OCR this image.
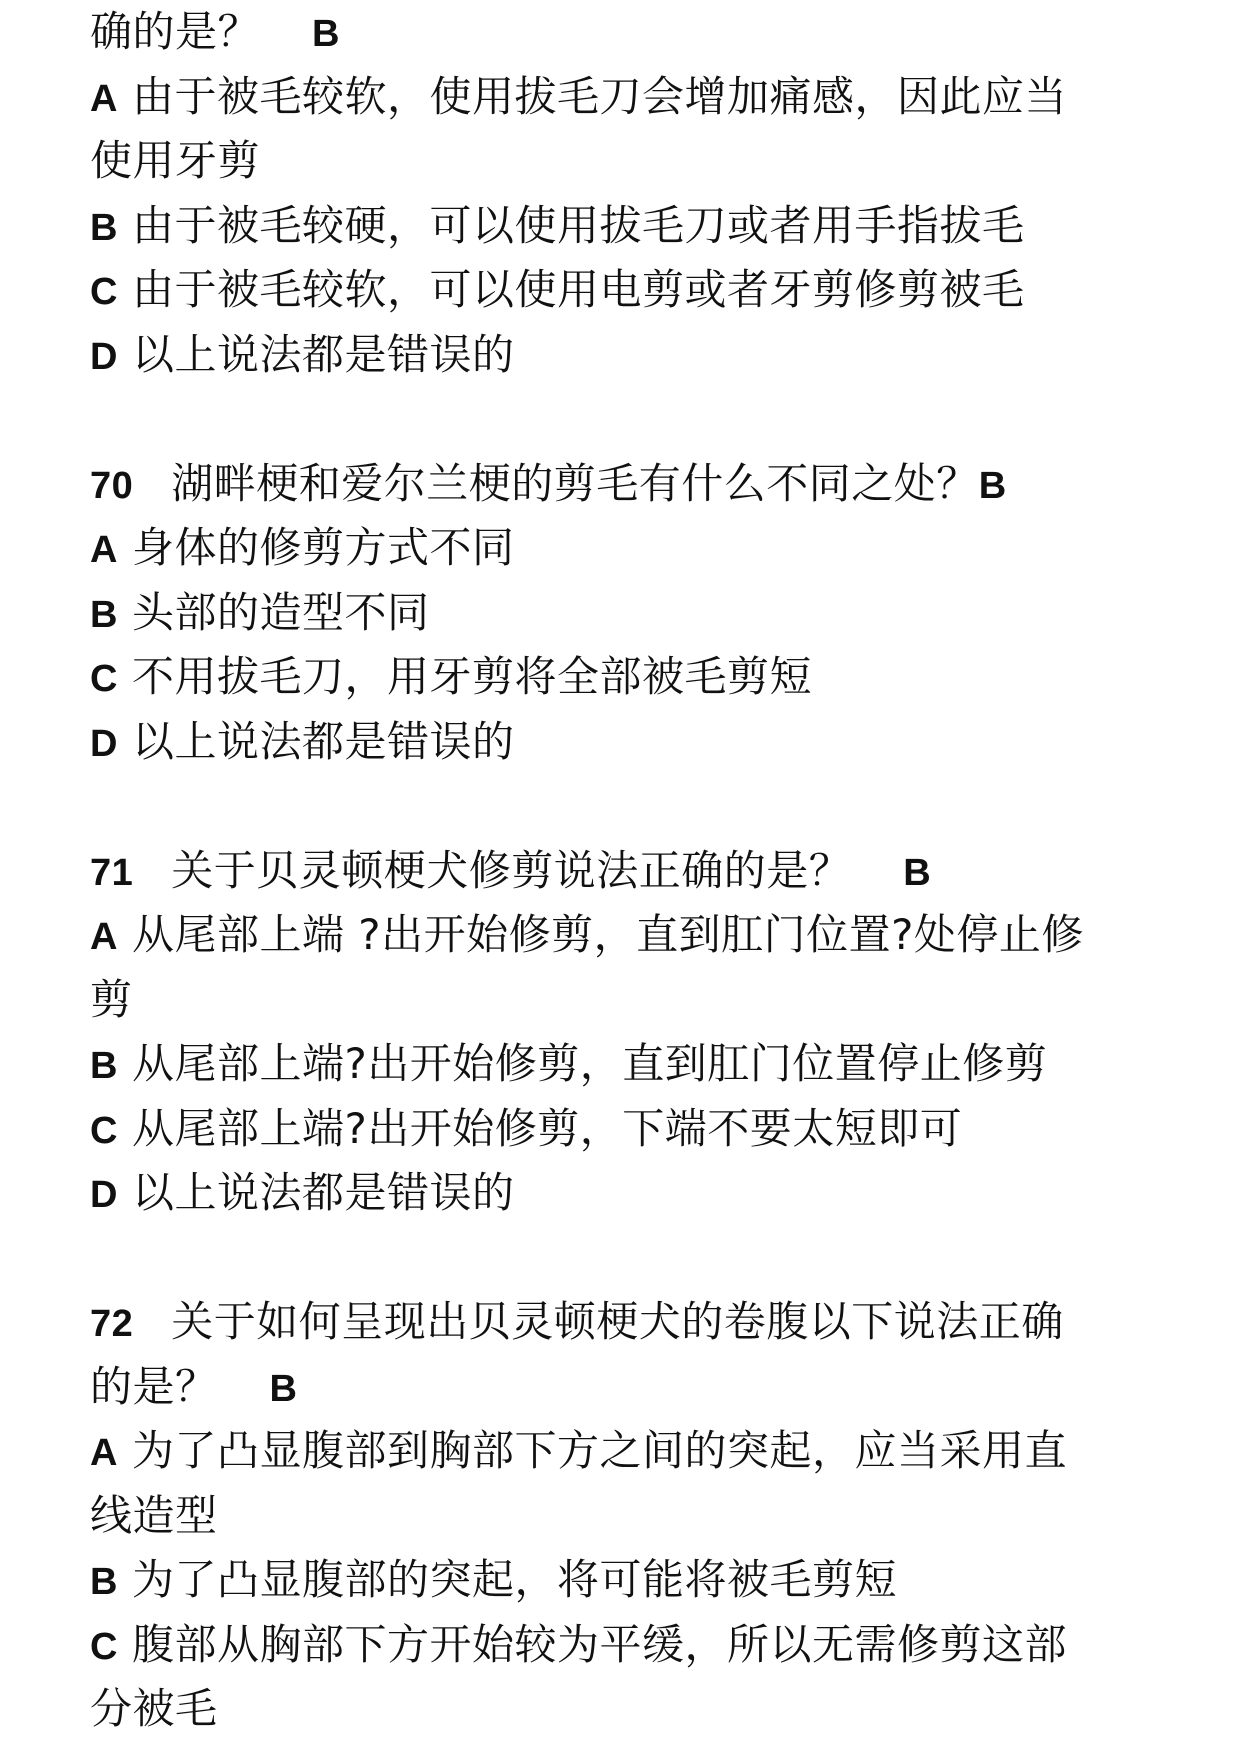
确的是？ B
A 由于被毛较软，使用拔毛刀会增加痛感，因此应当
使用牙剪
B 由于被毛较硬，可以使用拔毛刀或者用手指拔毛
C 由于被毛较软，可以使用电剪或者牙剪修剪被毛
D 以上说法都是错误的
70 湖畔梗和爱尔兰梗的剪毛有什么不同之处？B
A 身体的修剪方式不同
B 头部的造型不同
C 不用拔毛刀，用牙剪将全部被毛剪短
D 以上说法都是错误的
71 关于贝灵顿梗犬修剪说法正确的是？ B
A 从尾部上端 ?出开始修剪，直到肛门位置?处停止修
剪
B 从尾部上端?出开始修剪，直到肛门位置停止修剪
C 从尾部上端?出开始修剪，下端不要太短即可
D 以上说法都是错误的
72 关于如何呈现出贝灵顿梗犬的卷腹以下说法正确
的是？ B
A 为了凸显腹部到胸部下方之间的突起，应当采用直
线造型
B 为了凸显腹部的突起，将可能将被毛剪短
C 腹部从胸部下方开始较为平缓，所以无需修剪这部
分被毛
